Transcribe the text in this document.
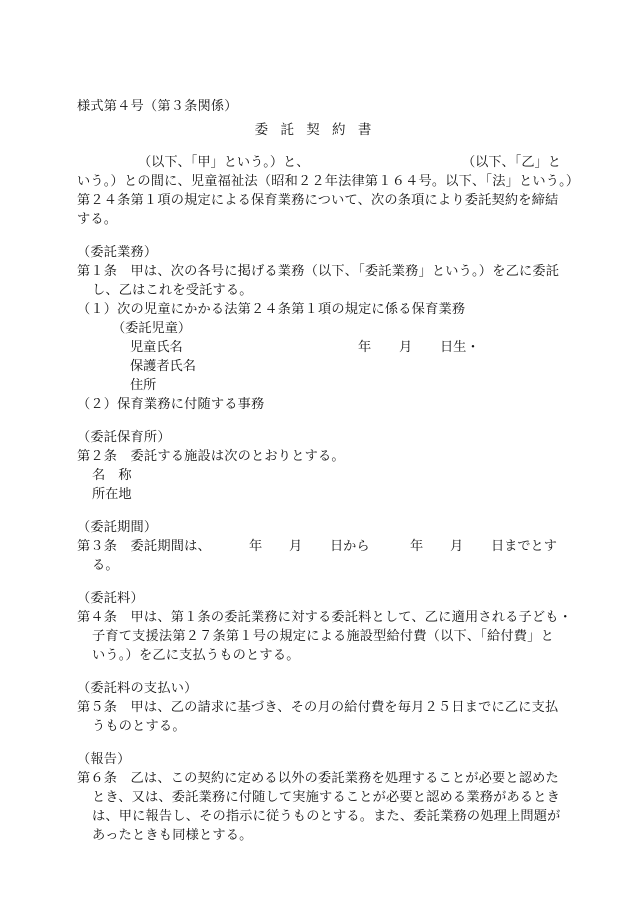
様式第４号（第３条関係）
委 託 契 約 書
（以下、「甲」という。）と、	（以下、「乙」と
いう。）との間に、児童福祉法（昭和２２年法律第１６４号。以下、「法」という。）
第２４条第１項の規定による保育業務について、次の条項により委託契約を締結
する。
（委託業務）
第１条　甲は、次の各号に掲げる業務（以下、「委託業務」という。）を乙に委託
し、乙はこれを受託する。
（１）次の児童にかかる法第２４条第１項の規定に係る保育業務
（委託児童）
児童氏名	年 月 日生・
保護者氏名
住所
（２）保育業務に付随する事務
（委託保育所）
第２条　委託する施設は次のとおりとする。
名　称
所在地
（委託期間）
第３条　委託期間は、	年 月 日から	年 月 日までとす
る。
（委託料）
第４条　甲は、第１条の委託業務に対する委託料として、乙に適用される子ども・
子育て支援法第２７条第１号の規定による施設型給付費（以下、「給付費」と
いう。）を乙に支払うものとする。
（委託料の支払い）
第５条　甲は、乙の請求に基づき、その月の給付費を毎月２５日までに乙に支払
うものとする。
（報告）
第６条　乙は、この契約に定める以外の委託業務を処理することが必要と認めた
とき、又は、委託業務に付随して実施することが必要と認める業務があるとき
は、甲に報告し、その指示に従うものとする。また、委託業務の処理上問題が
あったときも同様とする。
